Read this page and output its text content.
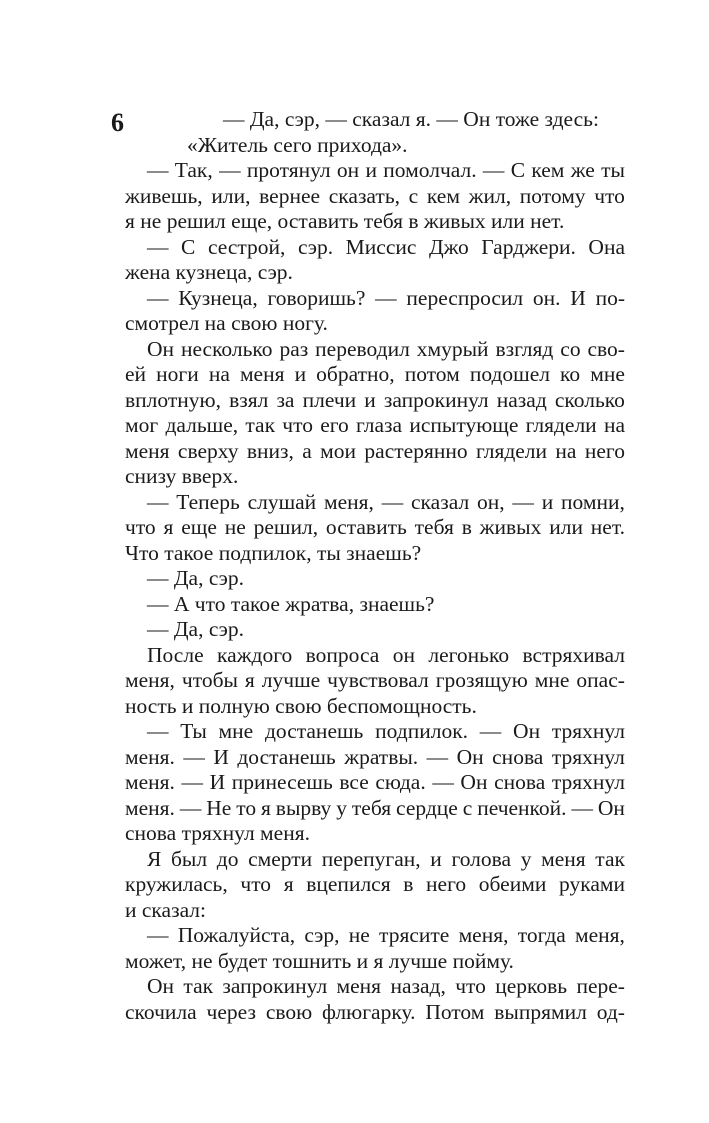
6	— Да, сэр, — сказал я. — Он тоже здесь:
«Житель сего прихода».
— Так, — протянул он и помолчал. — С кем же ты
живешь, или, вернее сказать, с кем жил, потому что
я не решил еще, оставить тебя в живых или нет.
— С сестрой, сэр. Миссис Джо Гарджери. Она
жена кузнеца, сэр.
— Кузнеца, говоришь? — переспросил он. И по-
смотрел на свою ногу.
Он несколько раз переводил хмурый взгляд со сво-
ей ноги на меня и обратно, потом подошел ко мне
вплотную, взял за плечи и запрокинул назад сколько
мог дальше, так что его глаза испытующе глядели на
меня сверху вниз, а мои растерянно глядели на него
снизу вверх.
— Теперь слушай меня, — сказал он, — и помни,
что я еще не решил, оставить тебя в живых или нет.
Что такое подпилок, ты знаешь?
— Да, сэр.
— А что такое жратва, знаешь?
— Да, сэр.
После каждого вопроса он легонько встряхивал
меня, чтобы я лучше чувствовал грозящую мне опас-
ность и полную свою беспомощность.
— Ты мне достанешь подпилок. — Он тряхнул
меня. — И достанешь жратвы. — Он снова тряхнул
меня. — И принесешь все сюда. — Он снова тряхнул
меня. — Не то я вырву у тебя сердце с печенкой. — Он
снова тряхнул меня.
Я был до смерти перепуган, и голова у меня так
кружилась, что я вцепился в него обеими руками
и сказал:
— Пожалуйста, сэр, не трясите меня, тогда меня,
может, не будет тошнить и я лучше пойму.
Он так запрокинул меня назад, что церковь пере-
скочила через свою флюгарку. Потом выпрямил од-
